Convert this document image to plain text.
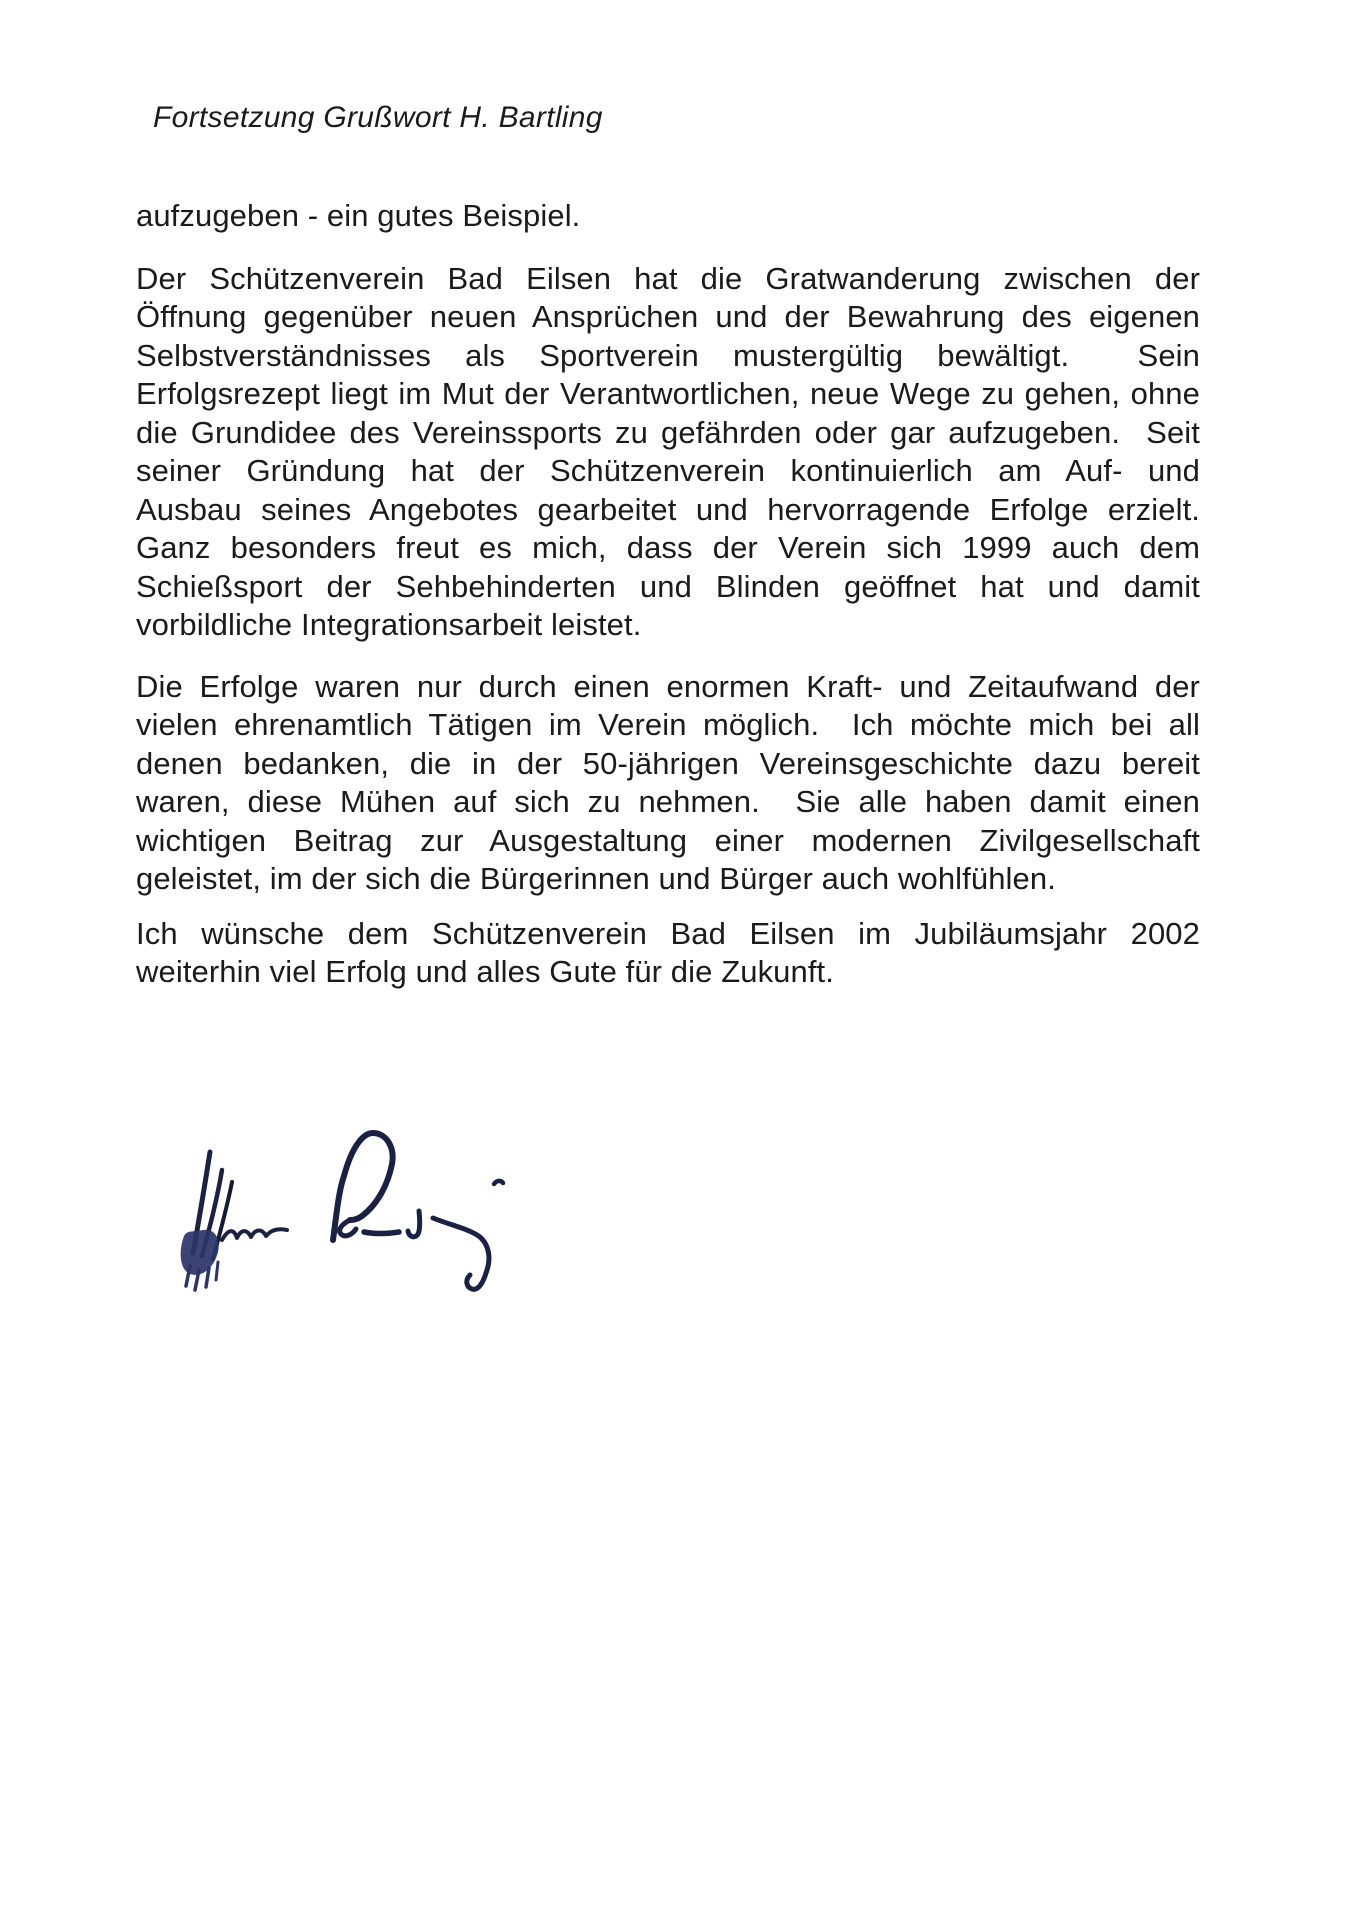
Fortsetzung Grußwort H. Bartling

aufzugeben - ein gutes Beispiel.
Der Schützenverein Bad Eilsen hat die Gratwanderung zwischen der
Öffnung gegenüber neuen Ansprüchen und der Bewahrung des eigenen
Selbstverständnisses als Sportverein mustergültig bewältigt.  Sein
Erfolgsrezept liegt im Mut der Verantwortlichen, neue Wege zu gehen, ohne
die Grundidee des Vereinssports zu gefährden oder gar aufzugeben.  Seit
seiner Gründung hat der Schützenverein kontinuierlich am Auf- und
Ausbau seines Angebotes gearbeitet und hervorragende Erfolge erzielt.
Ganz besonders freut es mich, dass der Verein sich 1999 auch dem
Schießsport der Sehbehinderten und Blinden geöffnet hat und damit
vorbildliche Integrationsarbeit leistet.
Die Erfolge waren nur durch einen enormen Kraft- und Zeitaufwand der
vielen ehrenamtlich Tätigen im Verein möglich.  Ich möchte mich bei all
denen bedanken, die in der 50-jährigen Vereinsgeschichte dazu bereit
waren, diese Mühen auf sich zu nehmen.  Sie alle haben damit einen
wichtigen Beitrag zur Ausgestaltung einer modernen Zivilgesellschaft
geleistet, im der sich die Bürgerinnen und Bürger auch wohlfühlen.
Ich wünsche dem Schützenverein Bad Eilsen im Jubiläumsjahr 2002
weiterhin viel Erfolg und alles Gute für die Zukunft.
